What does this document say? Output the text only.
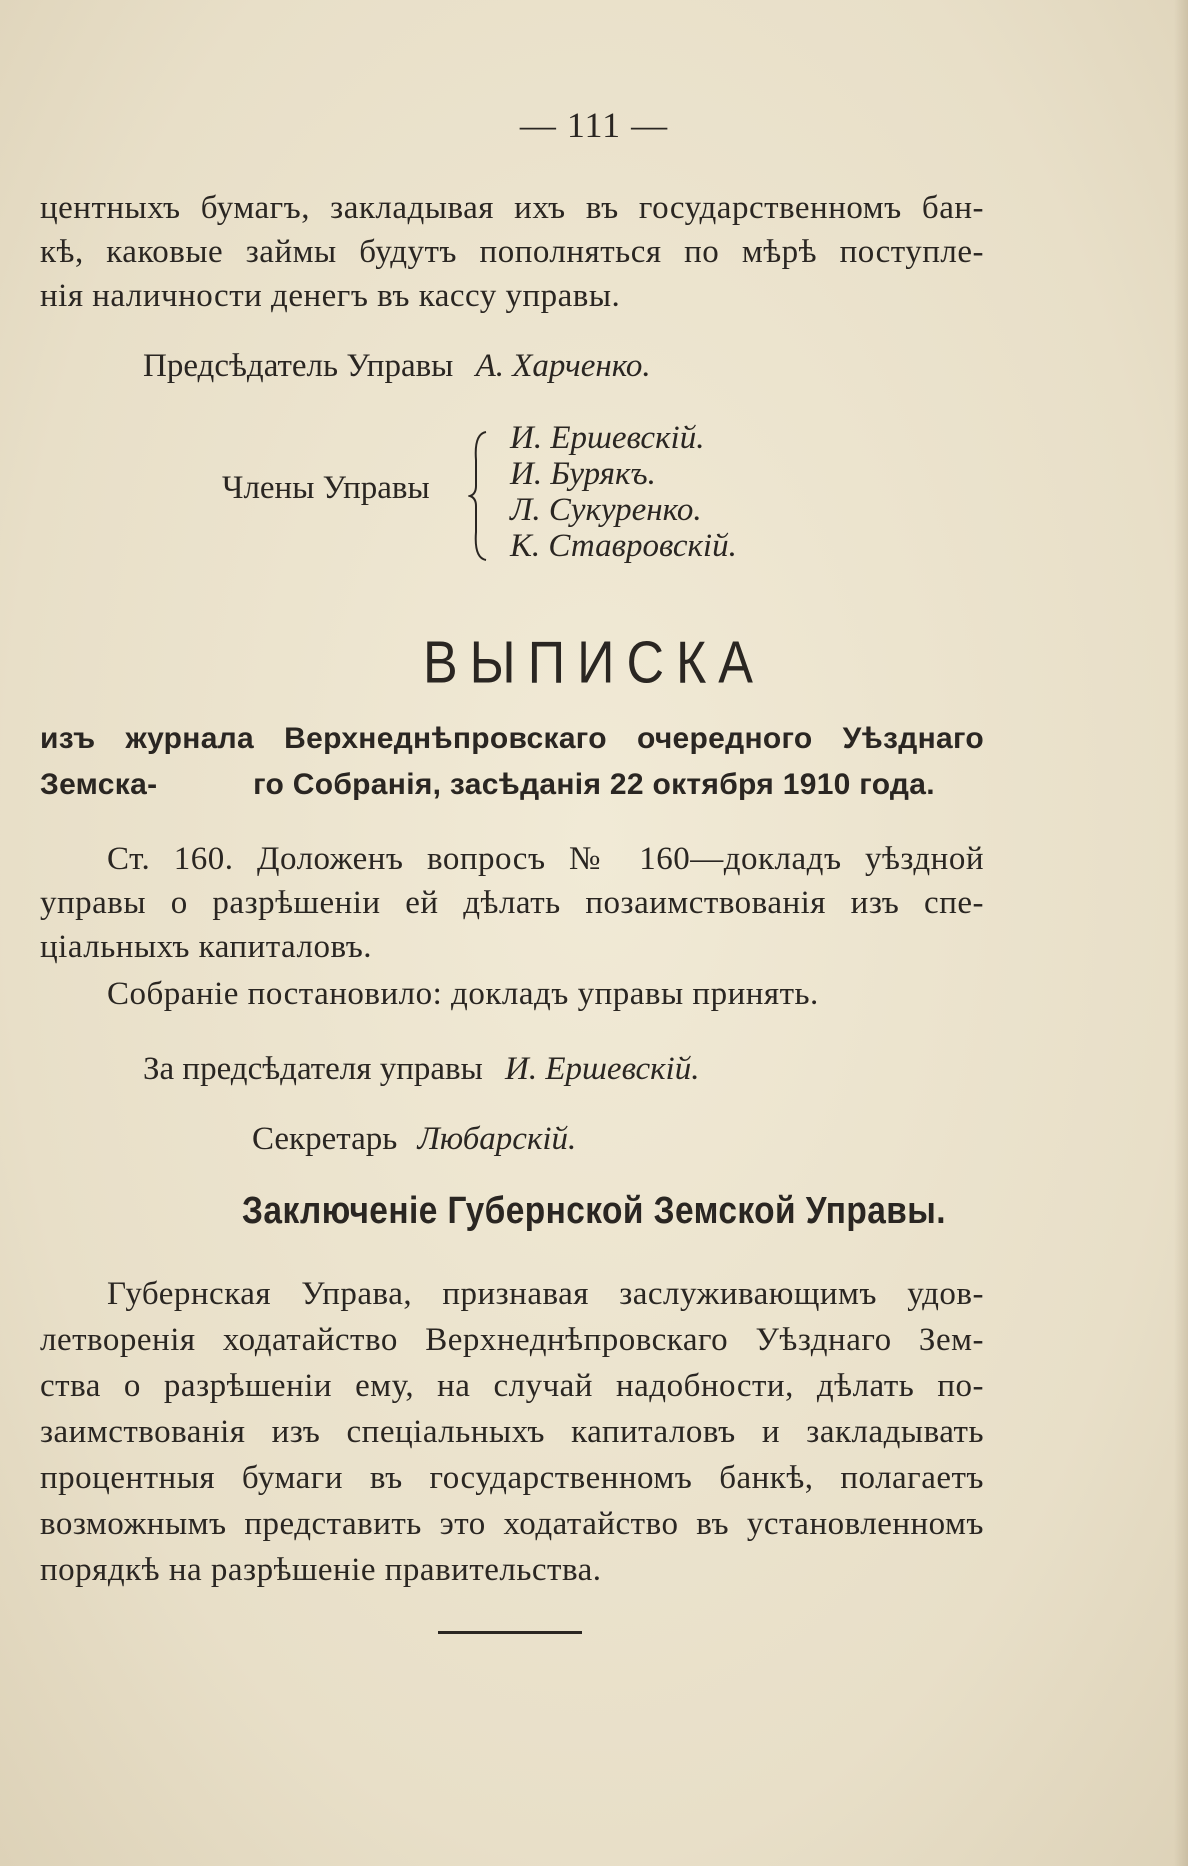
— 111 —
центныхъ бумагъ, закладывая ихъ въ государственномъ бан-
кѣ, каковые займы будутъ пополняться по мѣрѣ поступле-
нія наличности денегъ въ кассу управы.
Предсѣдатель Управы А. Харченко.
Члены Управы
И. Ершевскій.
И. Бурякъ.
Л. Сукуренко.
К. Ставровскій.
ВЫПИСКА
изъ журнала Верхнеднѣпровскаго очередного Уѣзднаго Земска-	го Собранія, засѣданія 22 октября 1910 года.
Ст. 160. Доложенъ вопросъ № 160—докладъ уѣздной
управы о разрѣшеніи ей дѣлать позаимствованія изъ спе-
ціальныхъ капиталовъ.
Собраніе постановило: докладъ управы принять.
За предсѣдателя управы И. Ершевскій.
Секретарь Любарскій.
Заключеніе Губернской Земской Управы.
Губернская Управа, признавая заслуживающимъ удов-
летворенія ходатайство Верхнеднѣпровскаго Уѣзднаго Зем-
ства о разрѣшеніи ему, на случай надобности, дѣлать по-
заимствованія изъ спеціальныхъ капиталовъ и закладывать
процентныя бумаги въ государственномъ банкѣ, полагаетъ
возможнымъ представить это ходатайство въ установленномъ
порядкѣ на разрѣшеніе правительства.
